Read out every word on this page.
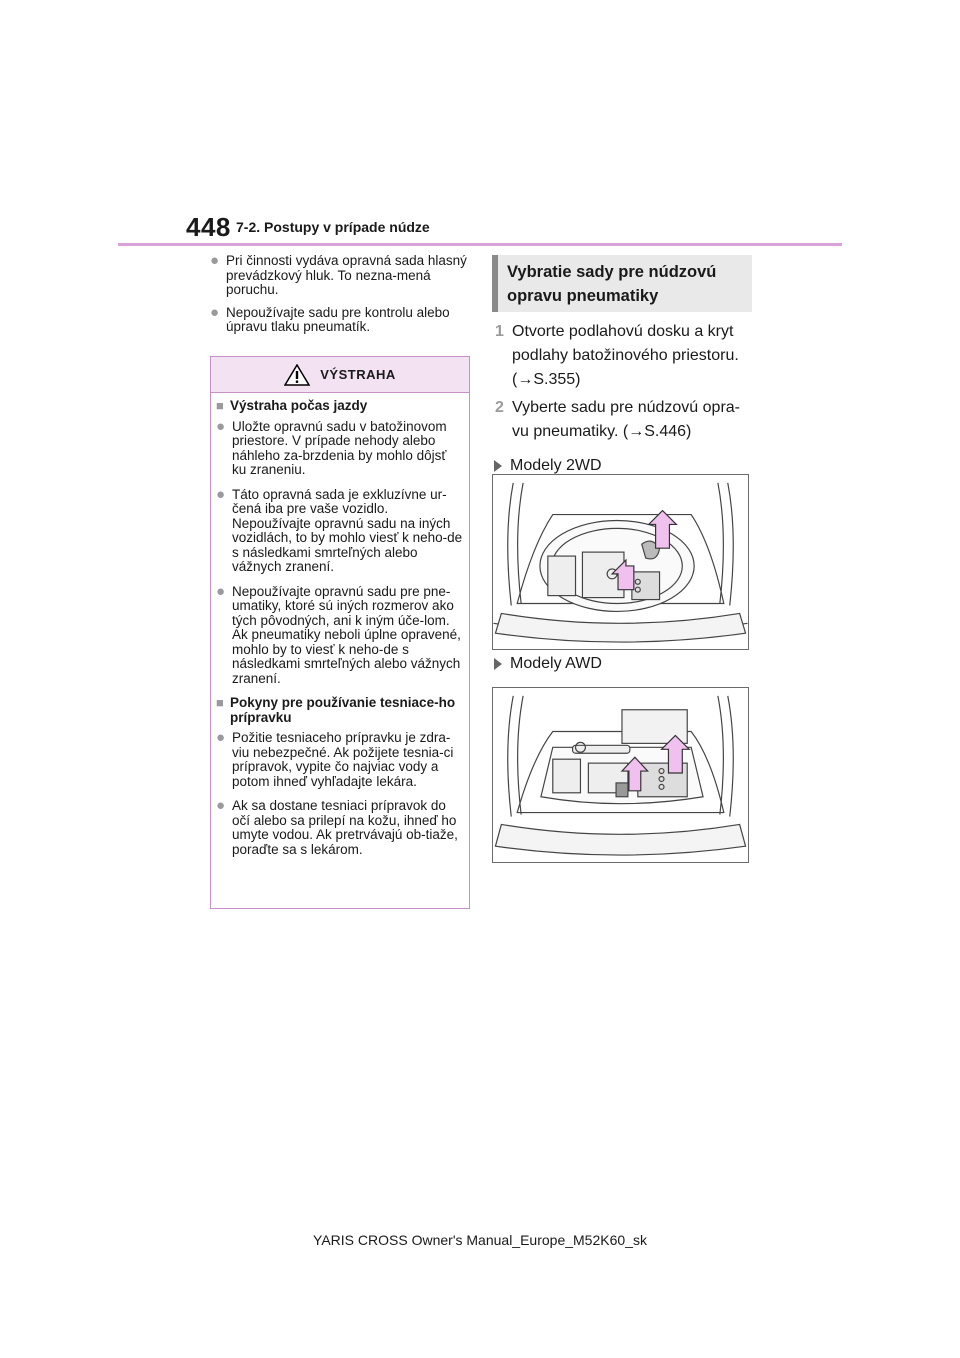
448 7-2. Postupy v prípade núdze
● Pri činnosti vydáva opravná sada hlasný prevádzkový hluk. To nezna-mená poruchu.
● Nepoužívajte sadu pre kontrolu alebo úpravu tlaku pneumatík.
VÝSTRAHA
■ Výstraha počas jazdy
● Uložte opravnú sadu v batožinovom priestore. V prípade nehody alebo náhleho za-brzdenia by mohlo dôjsť ku zraneniu.
● Táto opravná sada je exkluzívne ur-čená iba pre vaše vozidlo. Nepoužívajte opravnú sadu na iných vozidlách, to by mohlo viesť k neho-de s následkami smrteľných alebo vážnych zranení.
● Nepoužívajte opravnú sadu pre pne-umatiky, ktoré sú iných rozmerov ako tých pôvodných, ani k iným úče-lom. Ak pneumatiky neboli úplne opravené, mohlo by to viesť k neho-de s následkami smrteľných alebo vážnych zranení.
■ Pokyny pre používanie tesniace-ho prípravku
● Požitie tesniaceho prípravku je zdra-viu nebezpečné. Ak požijete tesnia-ci prípravok, vypite čo najviac vody a potom ihneď vyhľadajte lekára.
● Ak sa dostane tesniaci prípravok do očí alebo sa prilepí na kožu, ihneď ho umyte vodou. Ak pretrvávajú ob-tiaže, poraďte sa s lekárom.
Vybratie sady pre núdzovú
opravu pneumatiky
1 Otvorte podlahovú dosku a kryt
podlahy batožinového priestoru.
(→S.355)
2 Vyberte sadu pre núdzovú opra-
vu pneumatiky. (→S.446)
Modely 2WD
Modely AWD
YARIS CROSS Owner's Manual_Europe_M52K60_sk
